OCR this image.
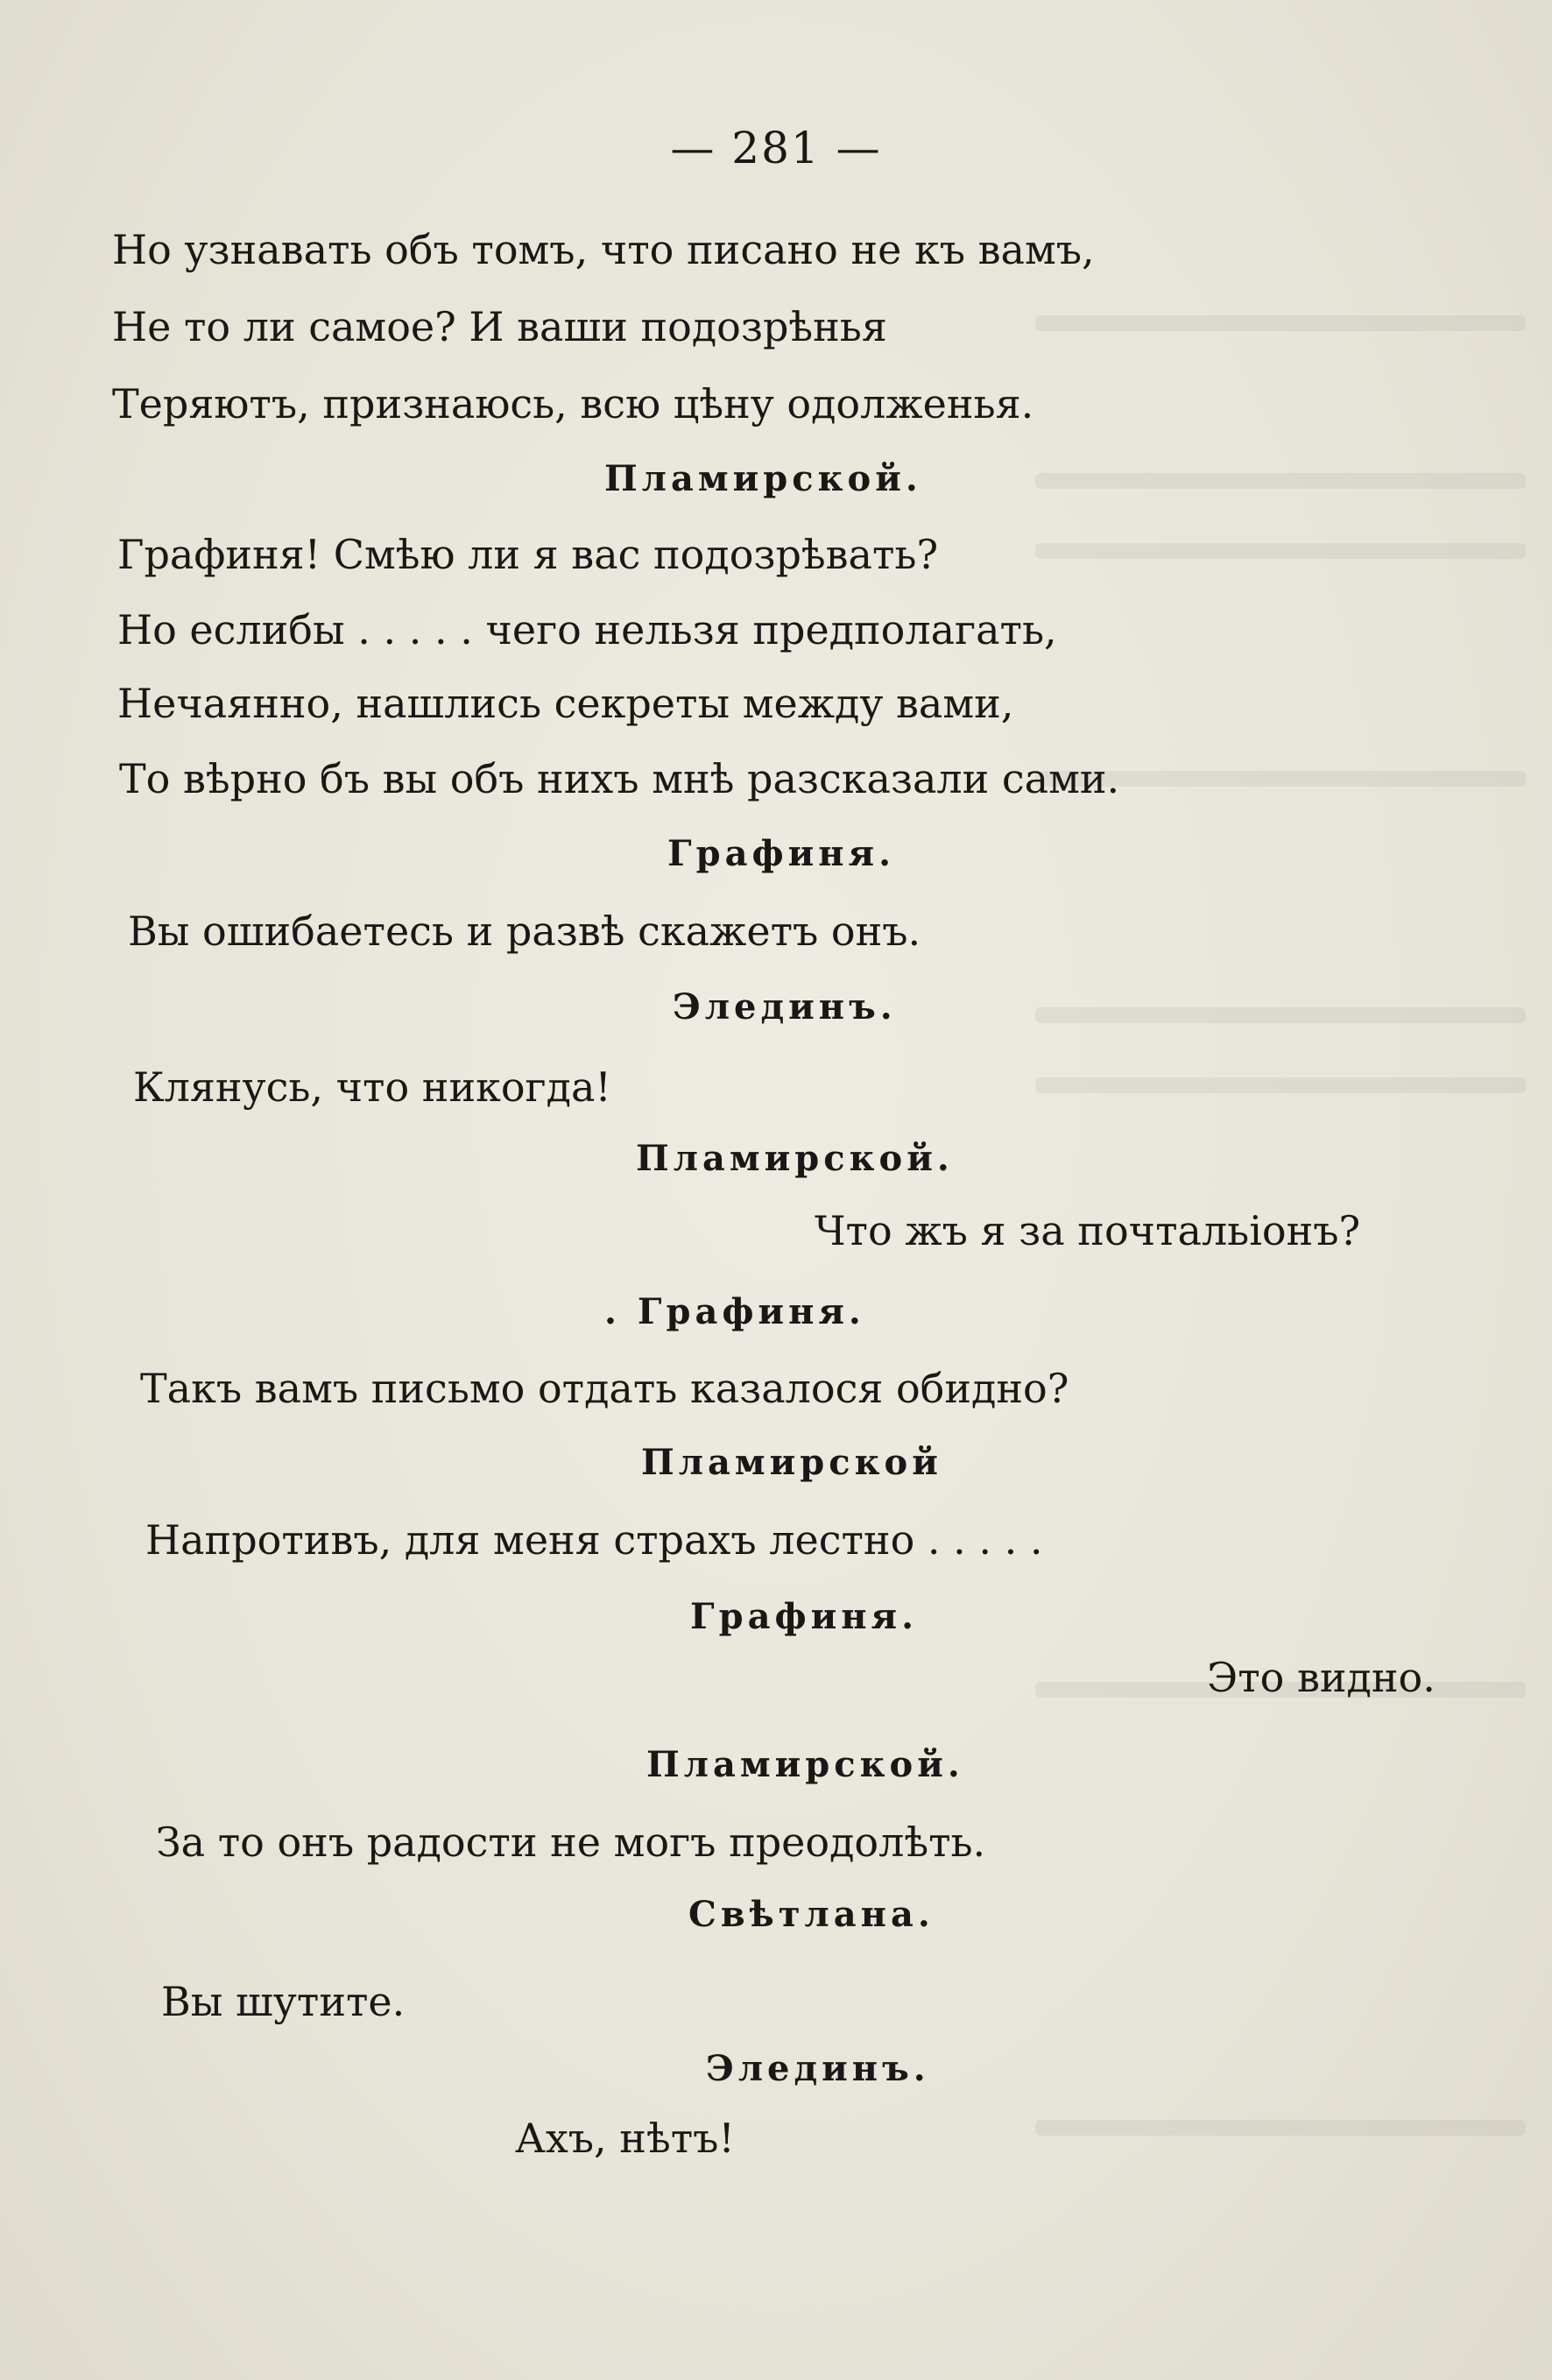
— 281 —
Но узнавать объ томъ, что писано не къ вамъ,
Не то ли самое? И ваши подозрѣнья
Теряютъ, признаюсь, всю цѣну одолженья.
Пламирской.
Графиня! Смѣю ли я вас подозрѣвать?
Но еслибы . . . . . чего нельзя предполагать,
Нечаянно, нашлись секреты между вами,
То вѣрно бъ вы объ нихъ мнѣ разсказали сами.
Графиня.
Вы ошибаетесь и развѣ скажетъ онъ.
Элединъ.
Клянусь, что никогда!
Пламирской.
Что жъ я за почтальіонъ?
. Графиня.
Такъ вамъ письмо отдать казалося обидно?
Пламирской
Напротивъ, для меня страхъ лестно . . . . .
Графиня.
Это видно.
Пламирской.
За то онъ радости не могъ преодолѣть.
Свѣтлана.
Вы шутите.
Элединъ.
Ахъ, нѣтъ!
